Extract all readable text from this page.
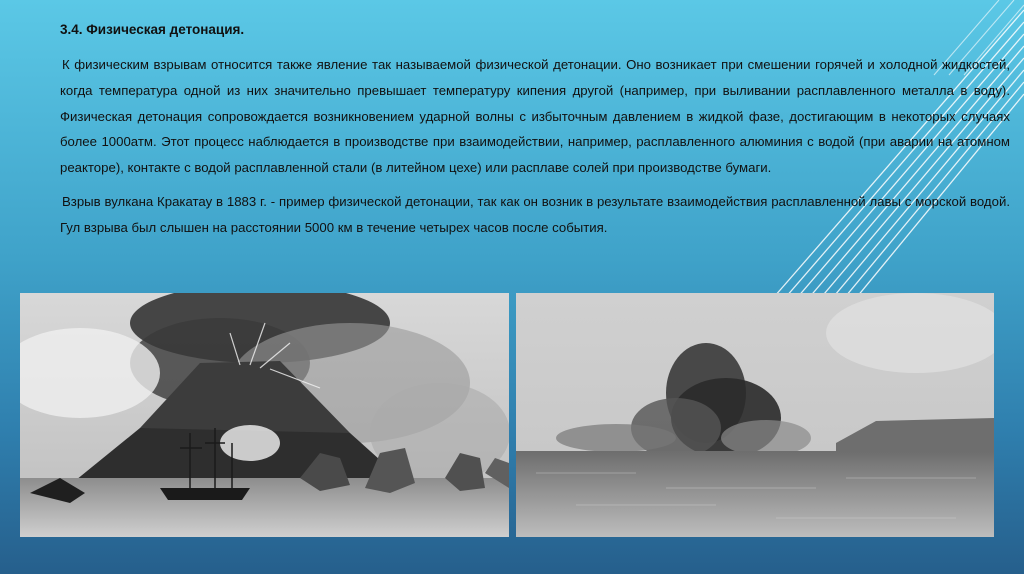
3.4. Физическая детонация.

К физическим взрывам относится также явление так называемой физической детонации. Оно возникает при смешении горячей и холодной жидкостей, когда температура одной из них значительно превышает температуру кипения другой (например, при выливании расплавленного металла в воду). Физическая детонация сопровождается возникновением ударной волны с избыточным давлением в жидкой фазе, достигающим в некоторых случаях более 1000атм. Этот процесс наблюдается в производстве при взаимодействии, например, расплавленного алюминия с водой (при аварии на атомном реакторе), контакте с водой расплавленной стали (в литейном цехе) или расплаве солей при производстве бумаги.

Взрыв вулкана Кракатау в 1883 г. - пример физической детонации, так как он возник в результате взаимодействия расплавленной лавы с морской водой. Гул взрыва был слышен на расстоянии 5000 км в течение четырех часов после события.
